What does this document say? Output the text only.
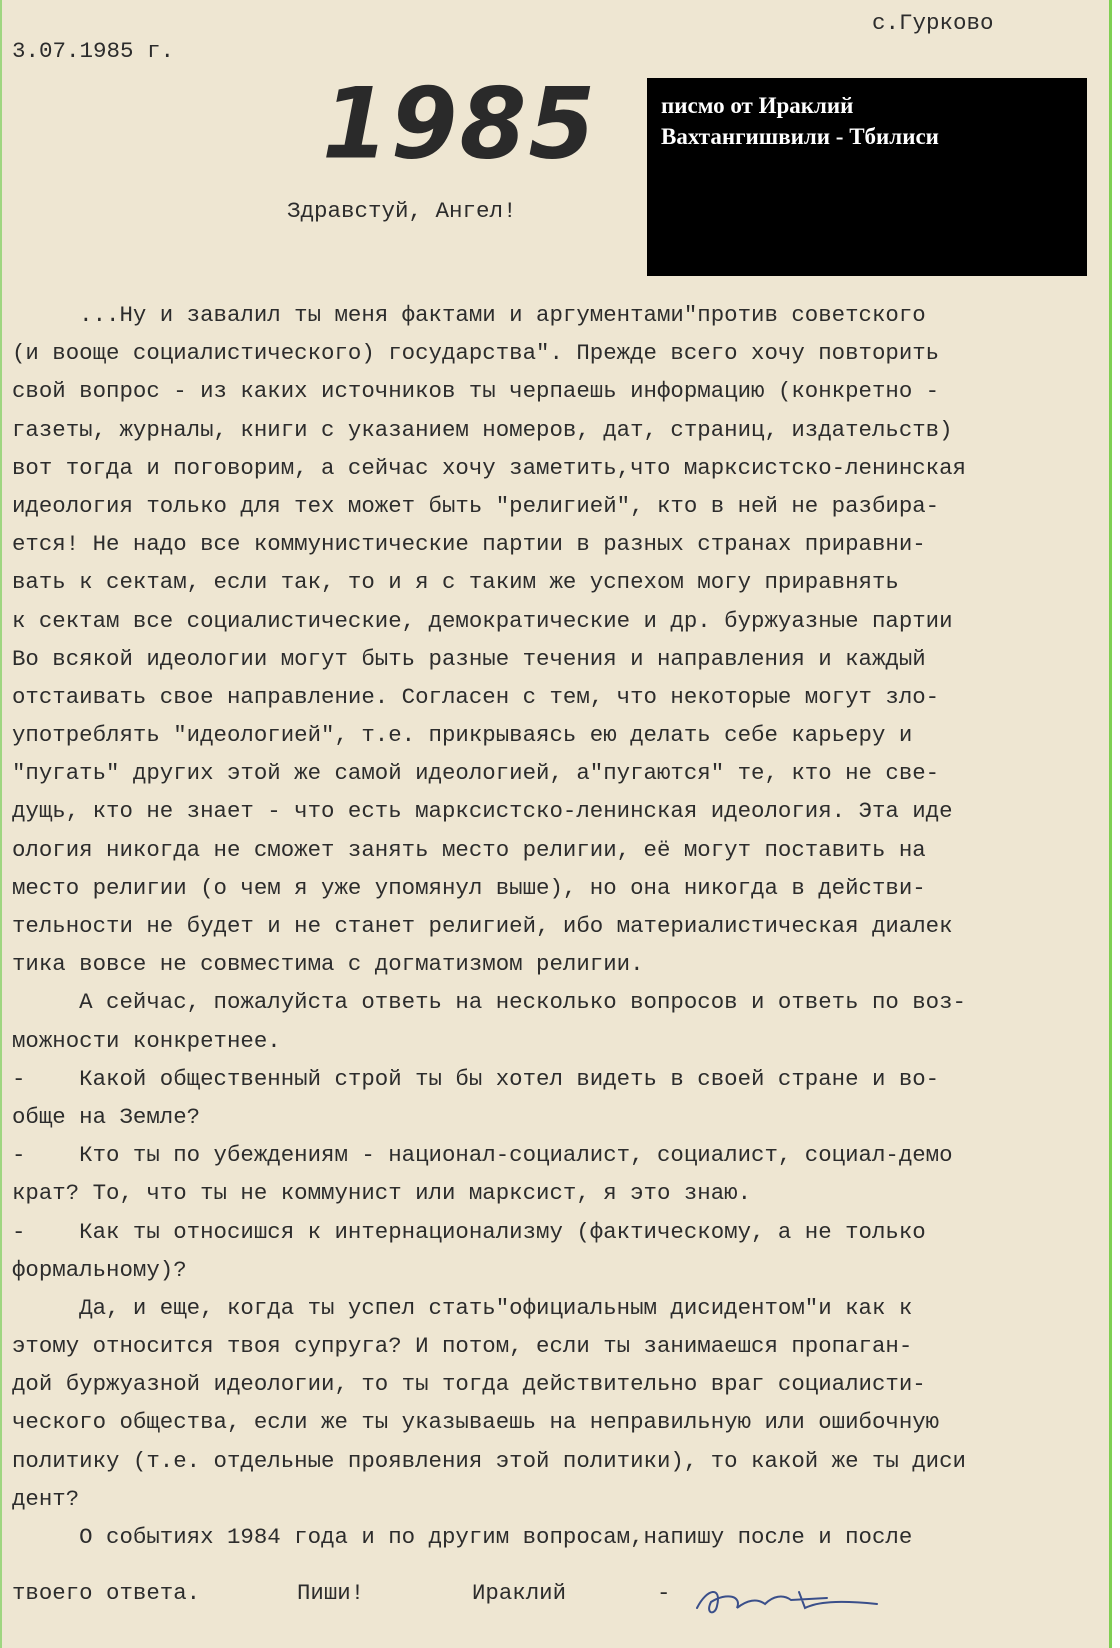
3.07.1985 г.
с.Гурково
1985	писмо от Ираклий
Вахтангишвили - Тбилиси
Здравстуй, Ангел!
...Ну и завалил ты меня фактами и аргументами"против советского
(и вооще социалистического) государства". Прежде всего хочу повторить
свой вопрос - из каких источников ты черпаешь информацию (конкретно -
газеты, журналы, книги с указанием номеров, дат, страниц, издательств)
вот тогда и поговорим, а сейчас хочу заметить,что марксистско-ленинская
идеология только для тех может быть "религией", кто в ней не разбира-
ется! Не надо все коммунистические партии в разных странах приравни-
вать к сектам, если так, то и я с таким же успехом могу приравнять
к сектам все социалистические, демократические и др. буржуазные партии
Во всякой идеологии могут быть разные течения и направления и каждый
отстаивать свое направление. Согласен с тем, что некоторые могут зло-
употреблять "идеологией", т.е. прикрываясь ею делать себе карьеру и
"пугать" других этой же самой идеологией, а"пугаются" те, кто не све-
дущь, кто не знает - что есть марксистско-ленинская идеология. Эта иде
ология никогда не сможет занять место религии, её могут поставить на
место религии (о чем я уже упомянул выше), но она никогда в действи-
тельности не будет и не станет религией, ибо материалистическая диалек
тика вовсе не совместима с догматизмом религии.
А сейчас, пожалуйста ответь на несколько вопросов и ответь по воз-
можности конкретнее.
-    Какой общественный строй ты бы хотел видеть в своей стране и во-
обще на Земле?
-    Кто ты по убеждениям - национал-социалист, социалист, социал-демо
крат? То, что ты не коммунист или марксист, я это знаю.
-    Как ты относишся к интернационализму (фактическому, а не только
формальному)?
Да, и еще, когда ты успел стать"официальным дисидентом"и как к
этому относится твоя супруга? И потом, если ты занимаешся пропаган-
дой буржуазной идеологии, то ты тогда действительно враг социалисти-
ческого общества, если же ты указываешь на неправильную или ошибочную
политику (т.е. отдельные проявления этой политики), то какой же ты диси
дент?
О событиях 1984 года и по другим вопросам,напишу после и после
твоего ответа.	Пиши!	Ираклий	-
